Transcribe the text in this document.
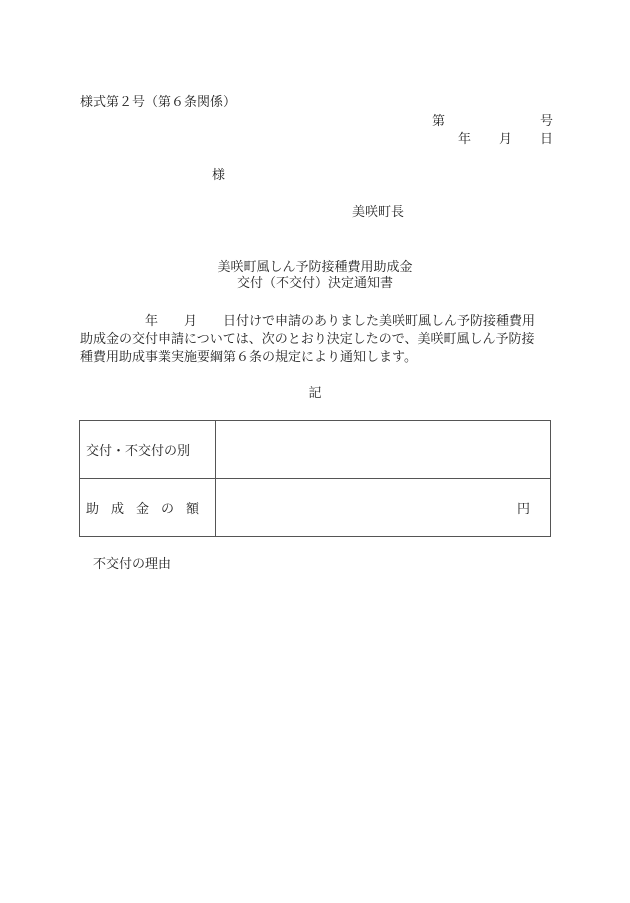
様式第２号（第６条関係）
第	号
年 月 日
様
美咲町長
美咲町風しん予防接種費用助成金
交付（不交付）決定通知書
　　　　　年　　月　　日付けで申請のありました美咲町風しん予防接種費用
助成金の交付申請については、次のとおり決定したので、美咲町風しん予防接
種費用助成事業実施要綱第６条の規定により通知します。
記
交付・不交付の別	
助成金の額	円
不交付の理由
